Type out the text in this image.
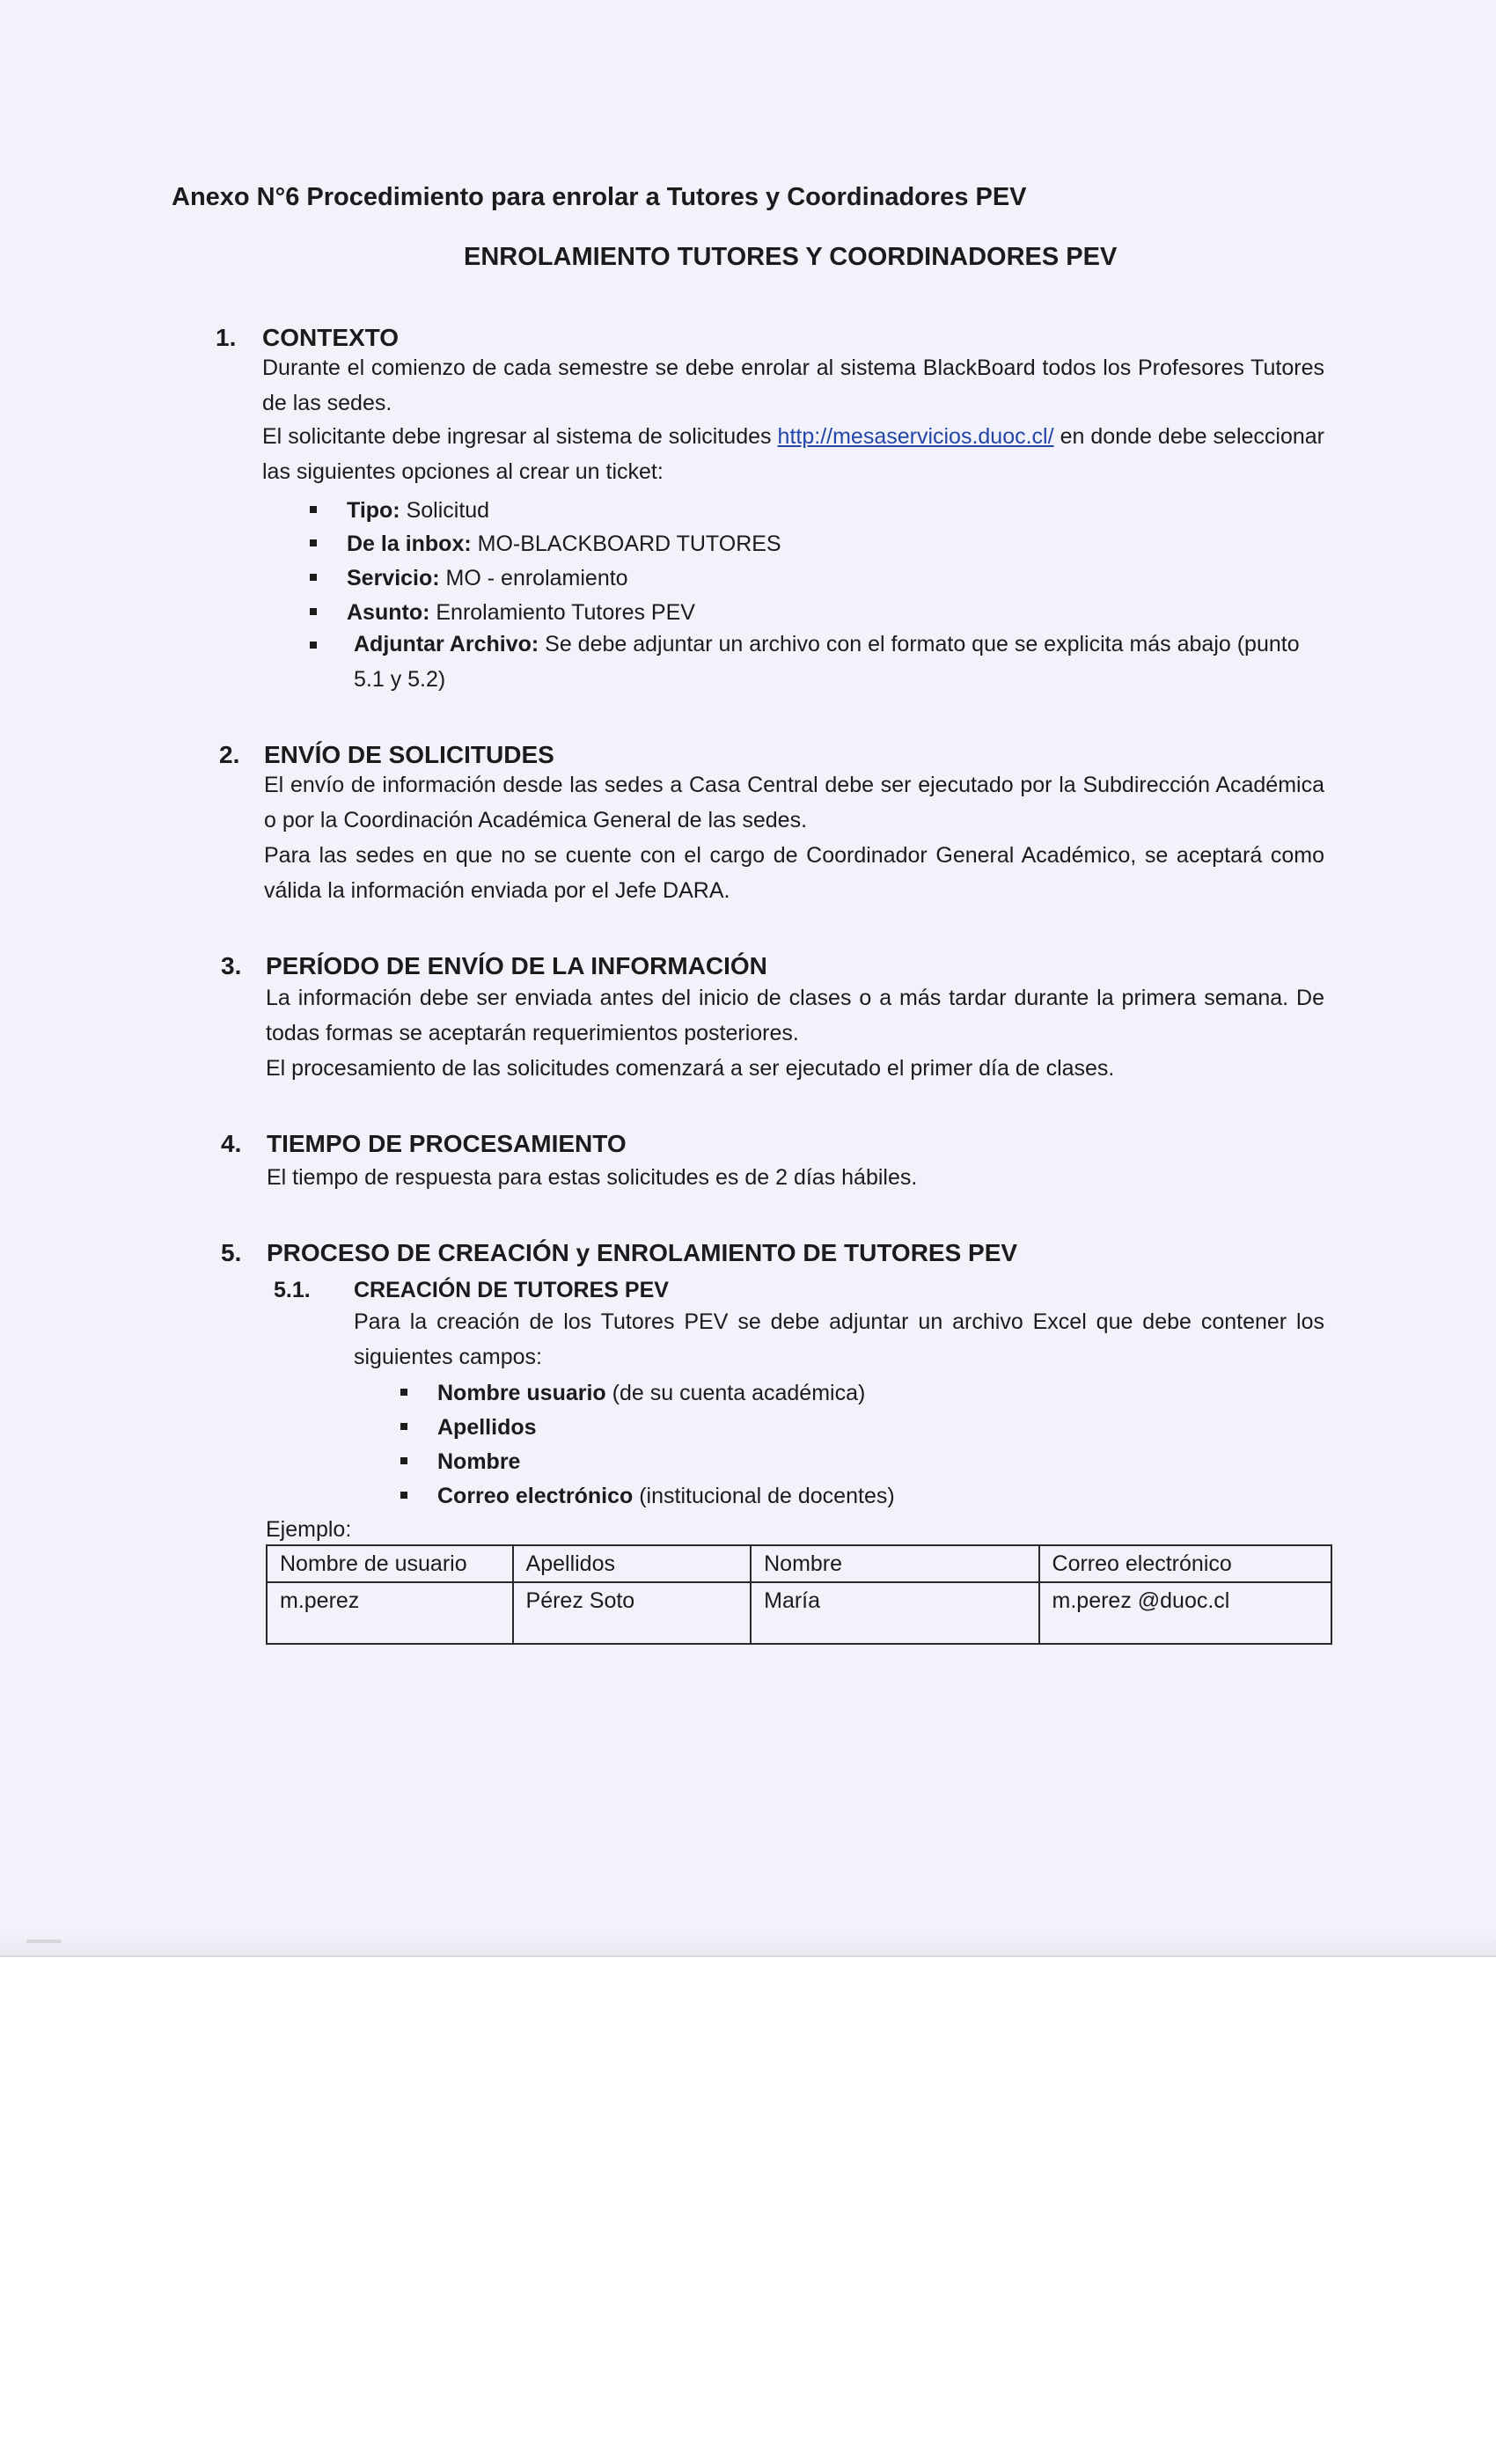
Anexo N°6 Procedimiento para enrolar a Tutores y Coordinadores PEV
ENROLAMIENTO TUTORES Y COORDINADORES PEV
1. CONTEXTO
Durante el comienzo de cada semestre se debe enrolar al sistema BlackBoard todos los Profesores Tutores de las sedes.
El solicitante debe ingresar al sistema de solicitudes http://mesaservicios.duoc.cl/ en donde debe seleccionar las siguientes opciones al crear un ticket:
Tipo: Solicitud
De la inbox: MO-BLACKBOARD TUTORES
Servicio: MO - enrolamiento
Asunto: Enrolamiento Tutores PEV
Adjuntar Archivo: Se debe adjuntar un archivo con el formato que se explicita más abajo (punto 5.1 y 5.2)
2. ENVÍO DE SOLICITUDES
El envío de información desde las sedes a Casa Central debe ser ejecutado por la Subdirección Académica o por la Coordinación Académica General de las sedes.
Para las sedes en que no se cuente con el cargo de Coordinador General Académico, se aceptará como válida la información enviada por el Jefe DARA.
3. PERÍODO DE ENVÍO DE LA INFORMACIÓN
La información debe ser enviada antes del inicio de clases o a más tardar durante la primera semana. De todas formas se aceptarán requerimientos posteriores.
El procesamiento de las solicitudes comenzará a ser ejecutado el primer día de clases.
4. TIEMPO DE PROCESAMIENTO
El tiempo de respuesta para estas solicitudes es de 2 días hábiles.
5. PROCESO DE CREACIÓN y ENROLAMIENTO DE TUTORES PEV
5.1. CREACIÓN DE TUTORES PEV
Para la creación de los Tutores PEV se debe adjuntar un archivo Excel que debe contener los siguientes campos:
Nombre usuario (de su cuenta académica)
Apellidos
Nombre
Correo electrónico (institucional de docentes)
Ejemplo:
Nombre de usuario	Apellidos	Nombre	Correo electrónico
m.perez	Pérez Soto	María	m.perez @duoc.cl
